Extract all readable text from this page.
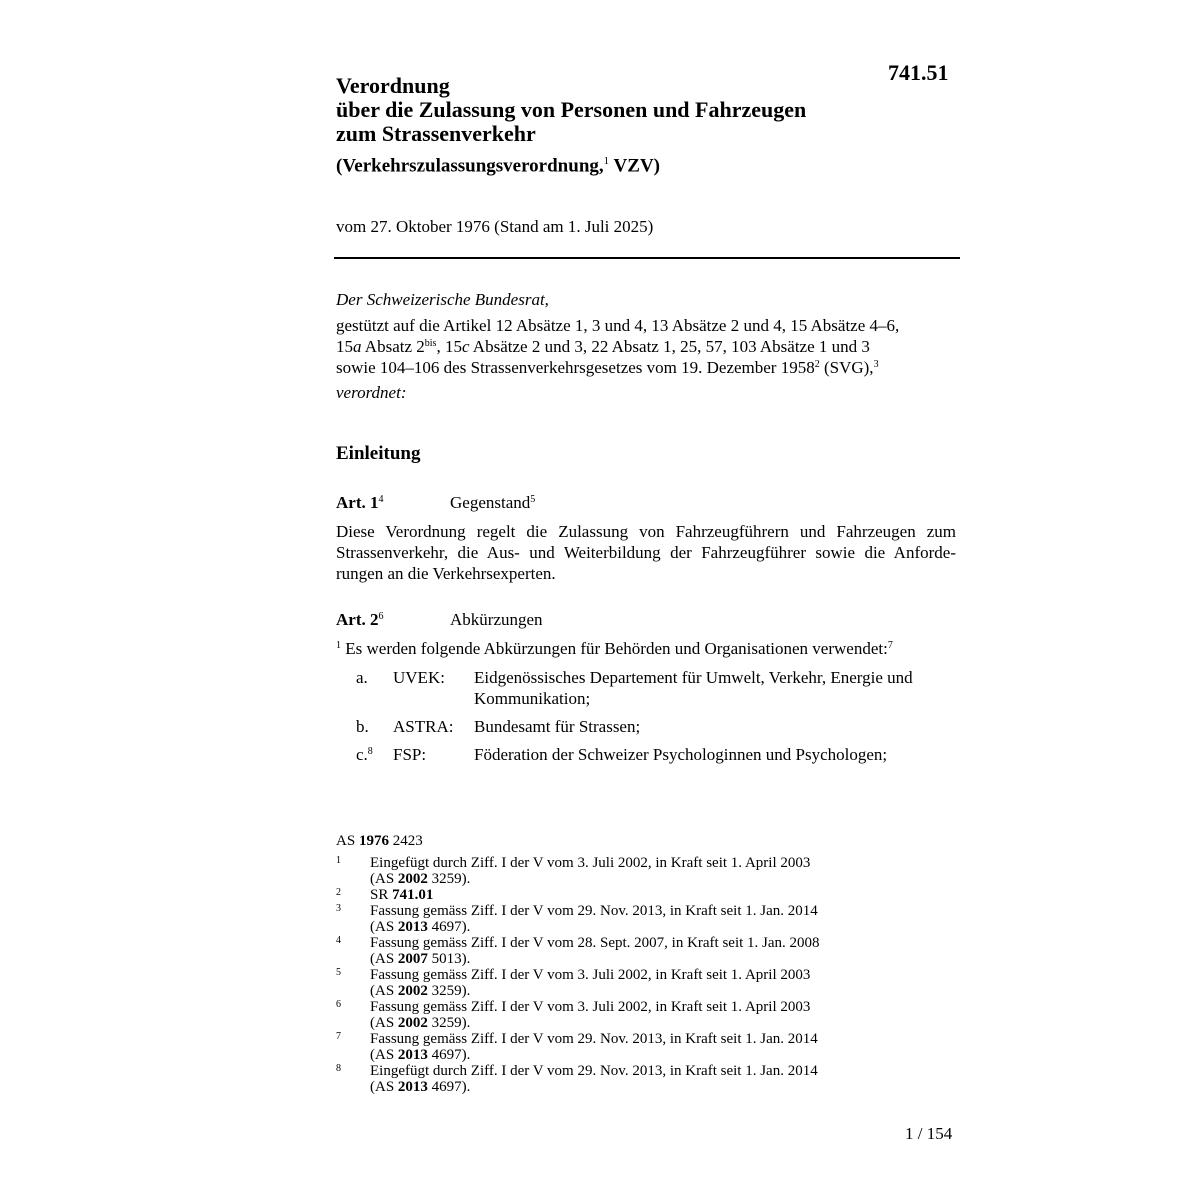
741.51
Verordnung
über die Zulassung von Personen und Fahrzeugen
zum Strassenverkehr
(Verkehrszulassungsverordnung,$^1$ VZV)
vom 27. Oktober 1976 (Stand am 1. Juli 2025)
Der Schweizerische Bundesrat,
gestützt auf die Artikel 12 Absätze 1, 3 und 4, 13 Absätze 2 und 4, 15 Absätze 4–6,
15a Absatz $2^{bis}$, 15c Absätze 2 und 3, 22 Absatz 1, 25, 57, 103 Absätze 1 und 3
sowie 104–106 des Strassenverkehrsgesetzes vom 19. Dezember 1958$^2$ (SVG),$^3$
verordnet:
Einleitung
Art. $1^4$	Gegenstand$^5$
Diese Verordnung regelt die Zulassung von Fahrzeugführern und Fahrzeugen zum
Strassenverkehr, die Aus- und Weiterbildung der Fahrzeugführer sowie die Anforde-
rungen an die Verkehrsexperten.
Art. $2^6$	Abkürzungen
$^1$ Es werden folgende Abkürzungen für Behörden und Organisationen verwendet:$^7$
a. UVEK: Eidgenössisches Departement für Umwelt, Verkehr, Energie und
Kommunikation;
b. ASTRA: Bundesamt für Strassen;
c.$^8$ FSP:	Föderation der Schweizer Psychologinnen und Psychologen;
AS 1976 2423
1 Eingefügt durch Ziff. I der V vom 3. Juli 2002, in Kraft seit 1. April 2003
(AS 2002 3259).
2 SR 741.01
3 Fassung gemäss Ziff. I der V vom 29. Nov. 2013, in Kraft seit 1. Jan. 2014
(AS 2013 4697).
4 Fassung gemäss Ziff. I der V vom 28. Sept. 2007, in Kraft seit 1. Jan. 2008
(AS 2007 5013).
5 Fassung gemäss Ziff. I der V vom 3. Juli 2002, in Kraft seit 1. April 2003
(AS 2002 3259).
6 Fassung gemäss Ziff. I der V vom 3. Juli 2002, in Kraft seit 1. April 2003
(AS 2002 3259).
7 Fassung gemäss Ziff. I der V vom 29. Nov. 2013, in Kraft seit 1. Jan. 2014
(AS 2013 4697).
8 Eingefügt durch Ziff. I der V vom 29. Nov. 2013, in Kraft seit 1. Jan. 2014
(AS 2013 4697).
1 / 154
